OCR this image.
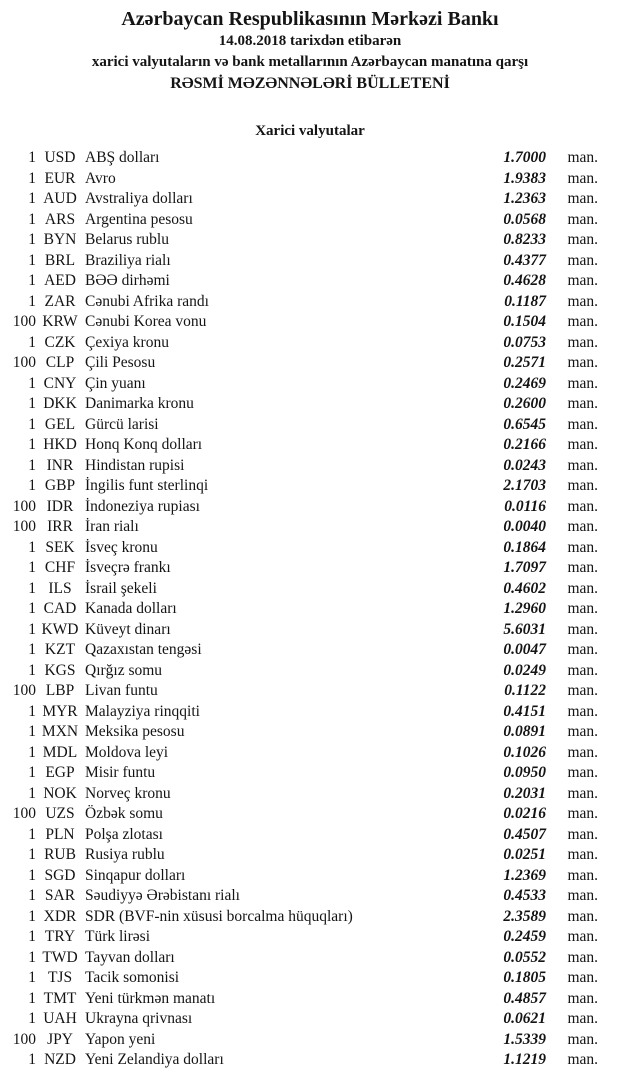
Azərbaycan Respublikasının Mərkəzi Bankı
14.08.2018 tarixdən etibarən
xarici valyutaların və bank metallarının Azərbaycan manatına qarşı
RƏSMİ MƏZƏNNƏLƏRİ BÜLLETENİ
Xarici valyutalar
1 USD ABŞ dolları	1.7000	man.
1 EUR Avro	1.9383	man.
1 AUD Avstraliya dolları	1.2363	man.
1 ARS Argentina pesosu	0.0568	man.
1 BYN Belarus rublu	0.8233	man.
1 BRL Braziliya rialı	0.4377	man.
1 AED BƏƏ dirhəmi	0.4628	man.
1 ZAR Cənubi Afrika randı	0.1187	man.
100 KRW Cənubi Korea vonu	0.1504	man.
1 CZK Çexiya kronu	0.0753	man.
100 CLP Çili Pesosu	0.2571	man.
1 CNY Çin yuanı	0.2469	man.
1 DKK Danimarka kronu	0.2600	man.
1 GEL Gürcü larisi	0.6545	man.
1 HKD Honq Konq dolları	0.2166	man.
1 INR Hindistan rupisi	0.0243	man.
1 GBP İngilis funt sterlinqi	2.1703	man.
100 IDR İndoneziya rupiası	0.0116	man.
100 IRR İran rialı	0.0040	man.
1 SEK İsveç kronu	0.1864	man.
1 CHF İsveçrə frankı	1.7097	man.
1 ILS İsrail şekeli	0.4602	man.
1 CAD Kanada dolları	1.2960	man.
1 KWD Küveyt dinarı	5.6031	man.
1 KZT Qazaxıstan tengəsi	0.0047	man.
1 KGS Qırğız somu	0.0249	man.
100 LBP Livan funtu	0.1122	man.
1 MYR Malayziya rinqqiti	0.4151	man.
1 MXN Meksika pesosu	0.0891	man.
1 MDL Moldova leyi	0.1026	man.
1 EGP Misir funtu	0.0950	man.
1 NOK Norveç kronu	0.2031	man.
100 UZS Özbək somu	0.0216	man.
1 PLN Polşa zlotası	0.4507	man.
1 RUB Rusiya rublu	0.0251	man.
1 SGD Sinqapur dolları	1.2369	man.
1 SAR Səudiyyə Ərəbistanı rialı	0.4533	man.
1 XDR SDR (BVF-nin xüsusi borcalma hüquqları)	2.3589	man.
1 TRY Türk lirəsi	0.2459	man.
1 TWD Tayvan dolları	0.0552	man.
1 TJS Tacik somonisi	0.1805	man.
1 TMT Yeni türkmən manatı	0.4857	man.
1 UAH Ukrayna qrivnası	0.0621	man.
100 JPY Yapon yeni	1.5339	man.
1 NZD Yeni Zelandiya dolları	1.1219	man.
